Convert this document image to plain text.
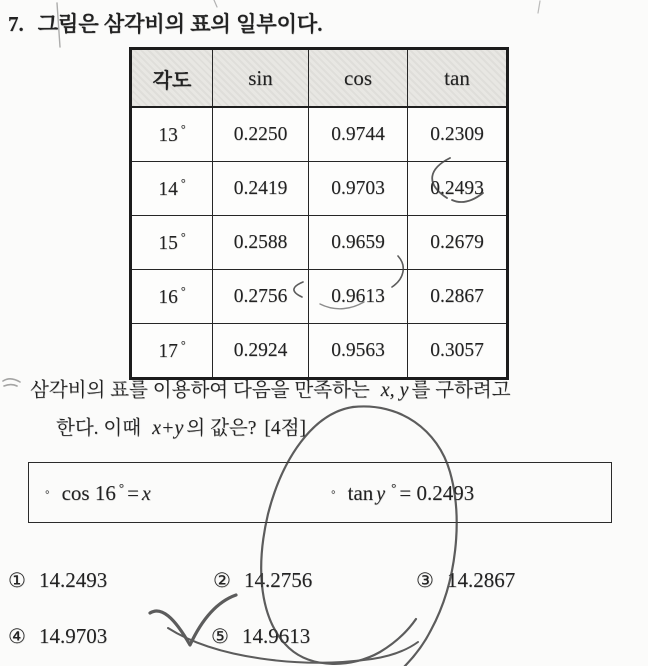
7. 그림은 삼각비의 표의 일부이다.
각도	sin	cos	tan
13 °	0.2250	0.9744	0.2309
14 °	0.2419	0.9703	0.2493
15 °	0.2588	0.9659	0.2679
16 °	0.2756	0.9613	0.2867
17 °	0.2924	0.9563	0.3057
삼각비의 표를 이용하여 다음을 만족하는 x, y 를 구하려고
한다. 이때 x+y 의 값은? [4점]
◦ cos 16 ° = x	◦ tan y ° = 0.2493
① 14.2493	② 14.2756	③ 14.2867
④ 14.9703	⑤ 14.9613
